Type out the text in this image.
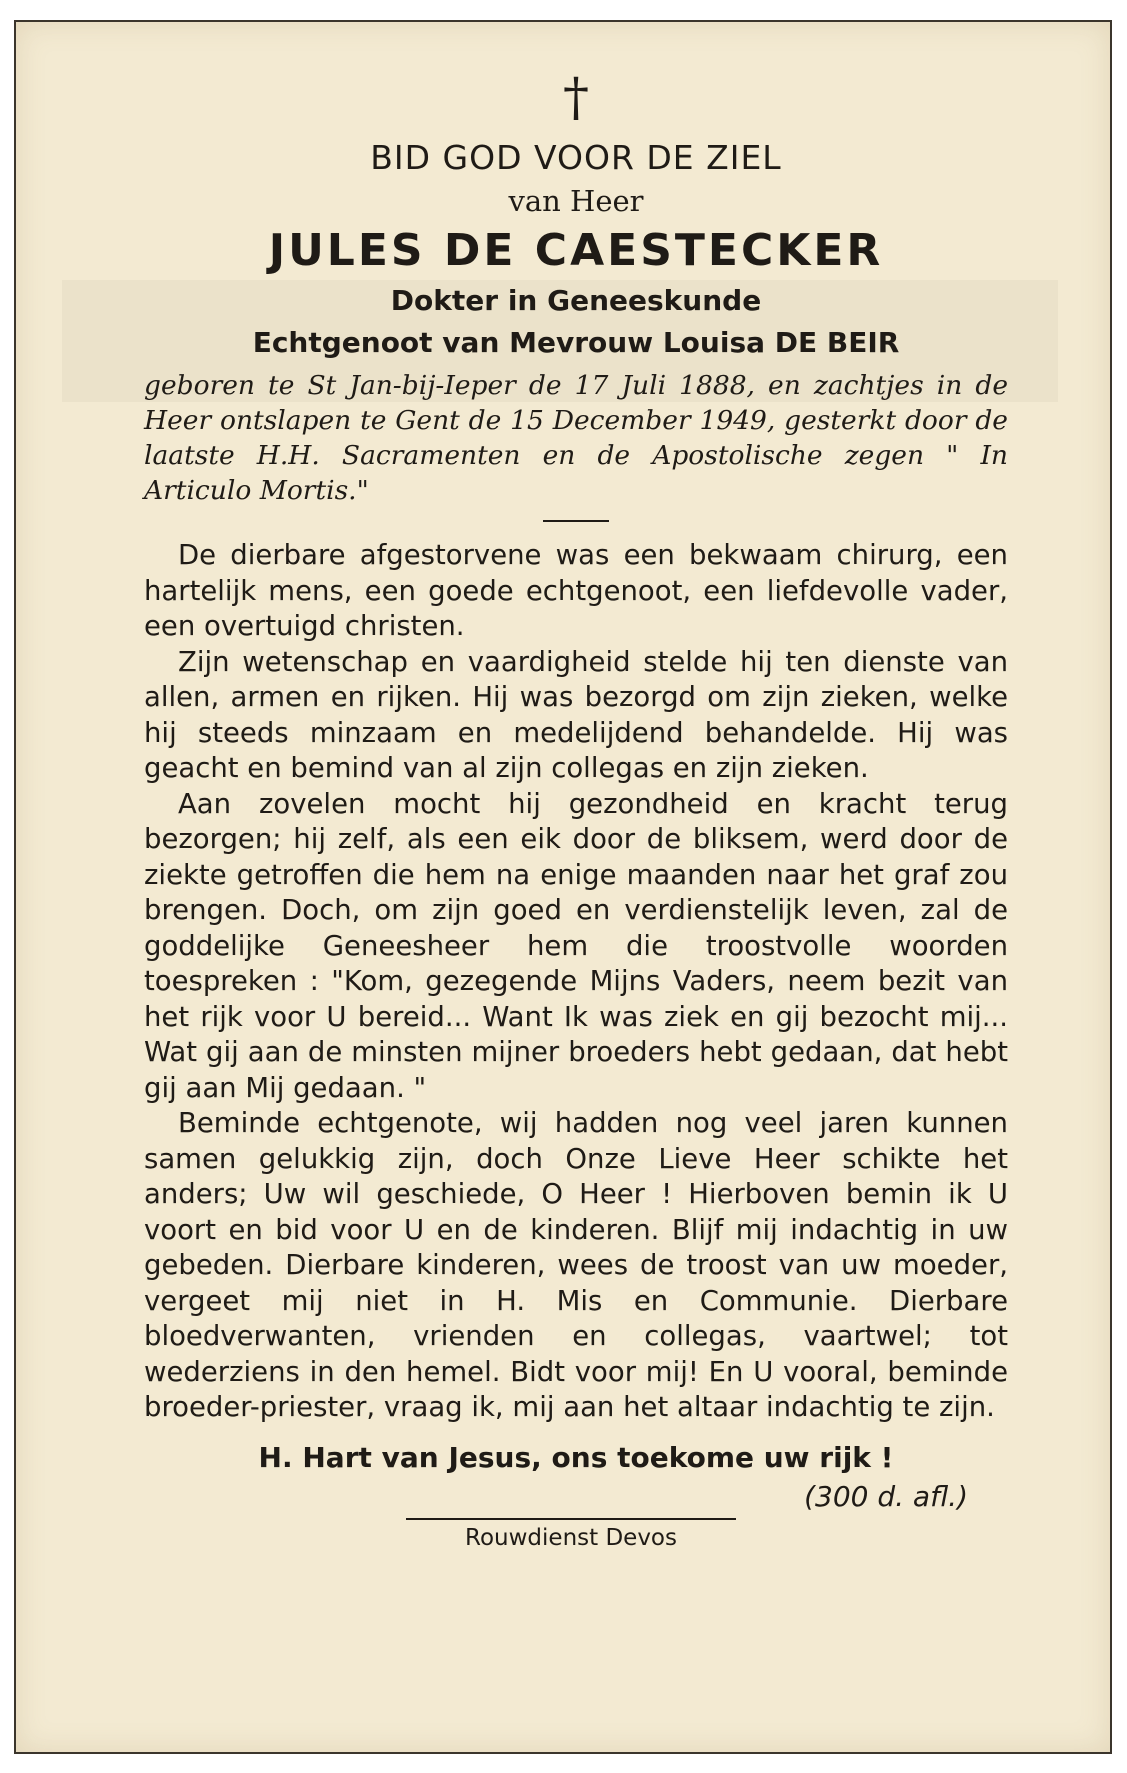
†
BID GOD VOOR DE ZIEL
van Heer
JULES DE CAESTECKER
Dokter in Geneeskunde
Echtgenoot van Mevrouw Louisa DE BEIR

geboren te St Jan-bij-Ieper de 17 Juli 1888, en zachtjes in de Heer ontslapen te Gent de 15 December 1949, gesterkt door de laatste H.H. Sacramenten en de Apostolische zegen " In Articulo Mortis."

De dierbare afgestorvene was een bekwaam chirurg, een hartelijk mens, een goede echtgenoot, een liefdevolle vader, een overtuigd christen.

Zijn wetenschap en vaardigheid stelde hij ten dienste van allen, armen en rijken. Hij was bezorgd om zijn zieken, welke hij steeds minzaam en medelijdend behandelde. Hij was geacht en bemind van al zijn collegas en zijn zieken.

Aan zovelen mocht hij gezondheid en kracht terug bezorgen; hij zelf, als een eik door de bliksem, werd door de ziekte getroffen die hem na enige maanden naar het graf zou brengen. Doch, om zijn goed en verdienstelijk leven, zal de goddelijke Geneesheer hem die troostvolle woorden toespreken : "Kom, gezegende Mijns Vaders, neem bezit van het rijk voor U bereid... Want Ik was ziek en gij bezocht mij... Wat gij aan de minsten mijner broeders hebt gedaan, dat hebt gij aan Mij gedaan. "

Beminde echtgenote, wij hadden nog veel jaren kunnen samen gelukkig zijn, doch Onze Lieve Heer schikte het anders; Uw wil geschiede, O Heer ! Hierboven bemin ik U voort en bid voor U en de kinderen. Blijf mij indachtig in uw gebeden. Dierbare kinderen, wees de troost van uw moeder, vergeet mij niet in H. Mis en Communie. Dierbare bloedverwanten, vrienden en collegas, vaartwel; tot wederziens in den hemel. Bidt voor mij! En U vooral, beminde broeder-priester, vraag ik, mij aan het altaar indachtig te zijn.

H. Hart van Jesus, ons toekome uw rijk !
(300 d. afl.)
Rouwdienst Devos
